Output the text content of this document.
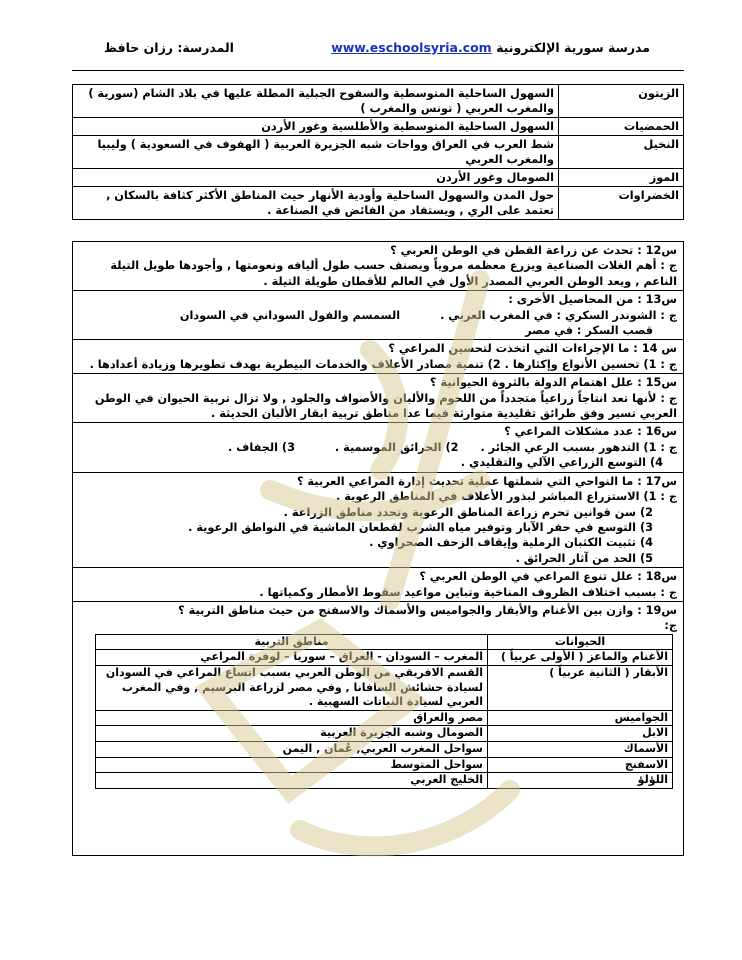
المدرسة: رزان حافظ	مدرسة سورية الإلكترونية www.eschoolsyria.com
الزيتون	السهول الساحلية المتوسطية والسفوح الجبلية المطلة عليها في بلاد الشام (سورية ) والمغرب العربي ( تونس والمغرب )
الحمضيات	السهول الساحلية المتوسطية والأطلسية وغور الأردن
النخيل	شط العرب في العراق وواحات شبه الجزيرة العربية ( الهفوف في السعودية ) وليبيا والمغرب العربي
الموز	الصومال وغور الأردن
الخضراوات	حول المدن والسهول الساحلية وأودية الأنهار حيث المناطق الأكثر كثافة بالسكان , تعتمد على الري , ويستفاد من الفائض في الصناعة .
س12 : تحدث عن زراعة القطن في الوطن العربي ؟
ج : أهم الغلات الصناعية ويزرع معظمه مروياً ويصنف حسب طول أليافه ونعومتها , وأجودها طويل التيلة الناعم , ويعد الوطن العربي المصدر الأول في العالم للأقطان طويلة التيلة .
س13 : من المحاصيل الأخرى :
ج : الشوندر السكري : في المغرب العربي . السمسم والفول السوداني في السودان
قصب السكر : في مصر
س 14 : ما الإجراءات التي اتخذت لتحسين المراعي ؟
ج : 1) تحسين الأنواع وإكثارها . 2) تنمية مصادر الأعلاف والخدمات البيطرية بهدف تطويرها وزيادة أعدادها .
س15 : علل اهتمام الدولة بالثروة الحيوانية ؟
ج : لأنها تعد انتاجاً زراعياً متجدداً من اللحوم والألبان والأصواف والجلود , ولا تزال تربية الحيوان في الوطن العربي تسير وفق طرائق تقليدية متوارثة فيما عدا مناطق تربية ابقار الألبان الحديثة .
س16 : عدد مشكلات المراعي ؟
ج : 1) التدهور بسبب الرعي الجائر . 2) الحرائق الموسمية . 3) الجفاف .
4) التوسع الزراعي الآلي والتقليدي .
س17 : ما النواحي التي شملتها عملية تحديث إدارة المراعي العربية ؟
ج : 1) الاستزراع المباشر لبذور الأعلاف في المناطق الرعوية .
2) سن قوانين تحرم زراعة المناطق الرعوية وتحدد مناطق الزراعة .
3) التوسع في حفر الآبار وتوفير مياه الشرب لقطعان الماشية في النواطق الرعوية .
4) تثبيت الكثبان الرملية وإيقاف الزحف الصحراوي .
5) الحد من آثار الحرائق .
س18 : علل تنوع المراعي في الوطن العربي ؟
ج : بسبب اختلاف الظروف المناخية وتباين مواعيد سقوط الأمطار وكمياتها .
س19 : وازن بين الأغنام والأبقار والجواميس والأسماك والاسفنج من حيث مناطق التربية ؟
ج:
الحيوانات	مناطق التربية
الأغنام والماعز ( الأولى عربياً )	المغرب – السودان - العراق – سوريا – لوفرة المراعي
الأبقار ( الثانية عربياً )	القسم الافريقي من الوطن العربي بسبب اتساع المراعي في السودان لسيادة حشائش السافانا , وفي مصر لزراعة البرسيم , وفي المغرب العربي لسيادة النباتات السهبية .
الجواميس	مصر والعراق
الابل	الصومال وشبه الجزيرة العربية
الأسماك	سواحل المغرب العربي, عُمان , اليمن
الاسفنج	سواحل المتوسط
اللؤلؤ	الخليج العربي
